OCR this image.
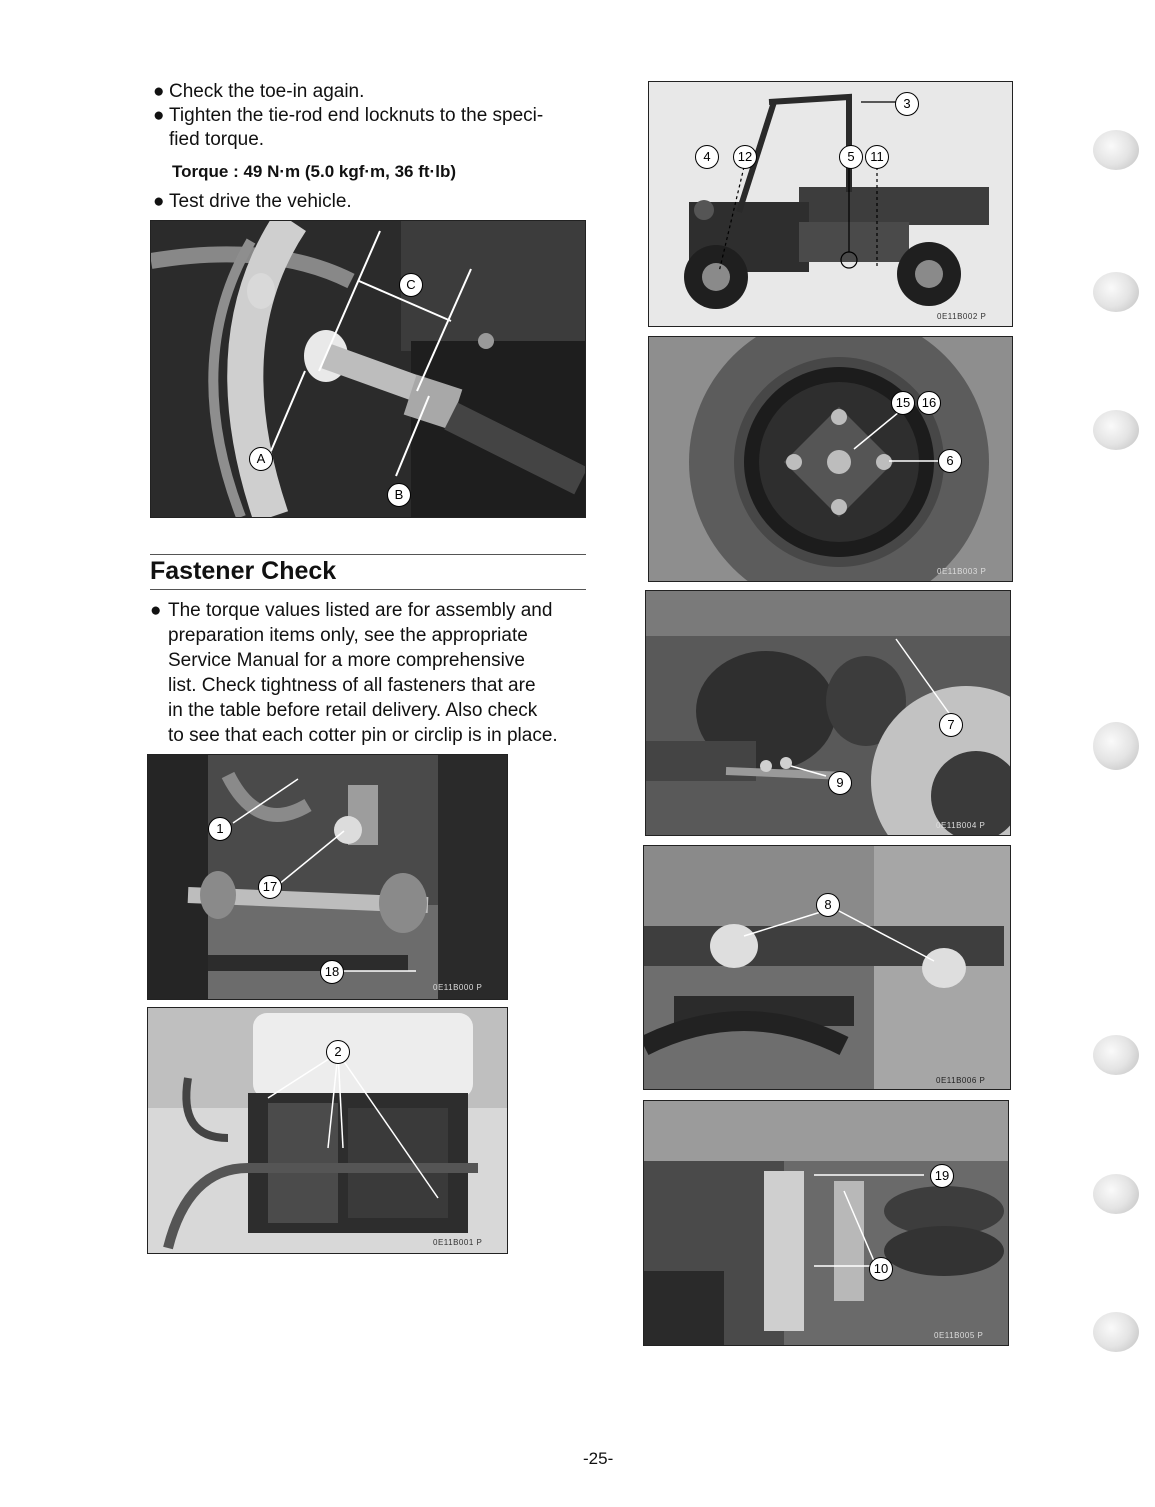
● Check the toe-in again.
● Tighten the tie-rod end locknuts to the speci-
fied torque.
Torque : 49 N·m (5.0 kgf·m, 36 ft·lb)
● Test drive the vehicle.
C
A
B
Fastener Check
● The torque values listed are for assembly and
preparation items only, see the appropriate
Service Manual for a more comprehensive
list. Check tightness of all fasteners that are
in the table before retail delivery. Also check
to see that each cotter pin or circlip is in place.
1
17
18
0E11B000 P
2
0E11B001 P
3
4	12	5	11
0E11B002 P
15 16
6
0E11B003 P
7
9
0E11B004 P
8
0E11B006 P
19
10
0E11B005 P
-25-
